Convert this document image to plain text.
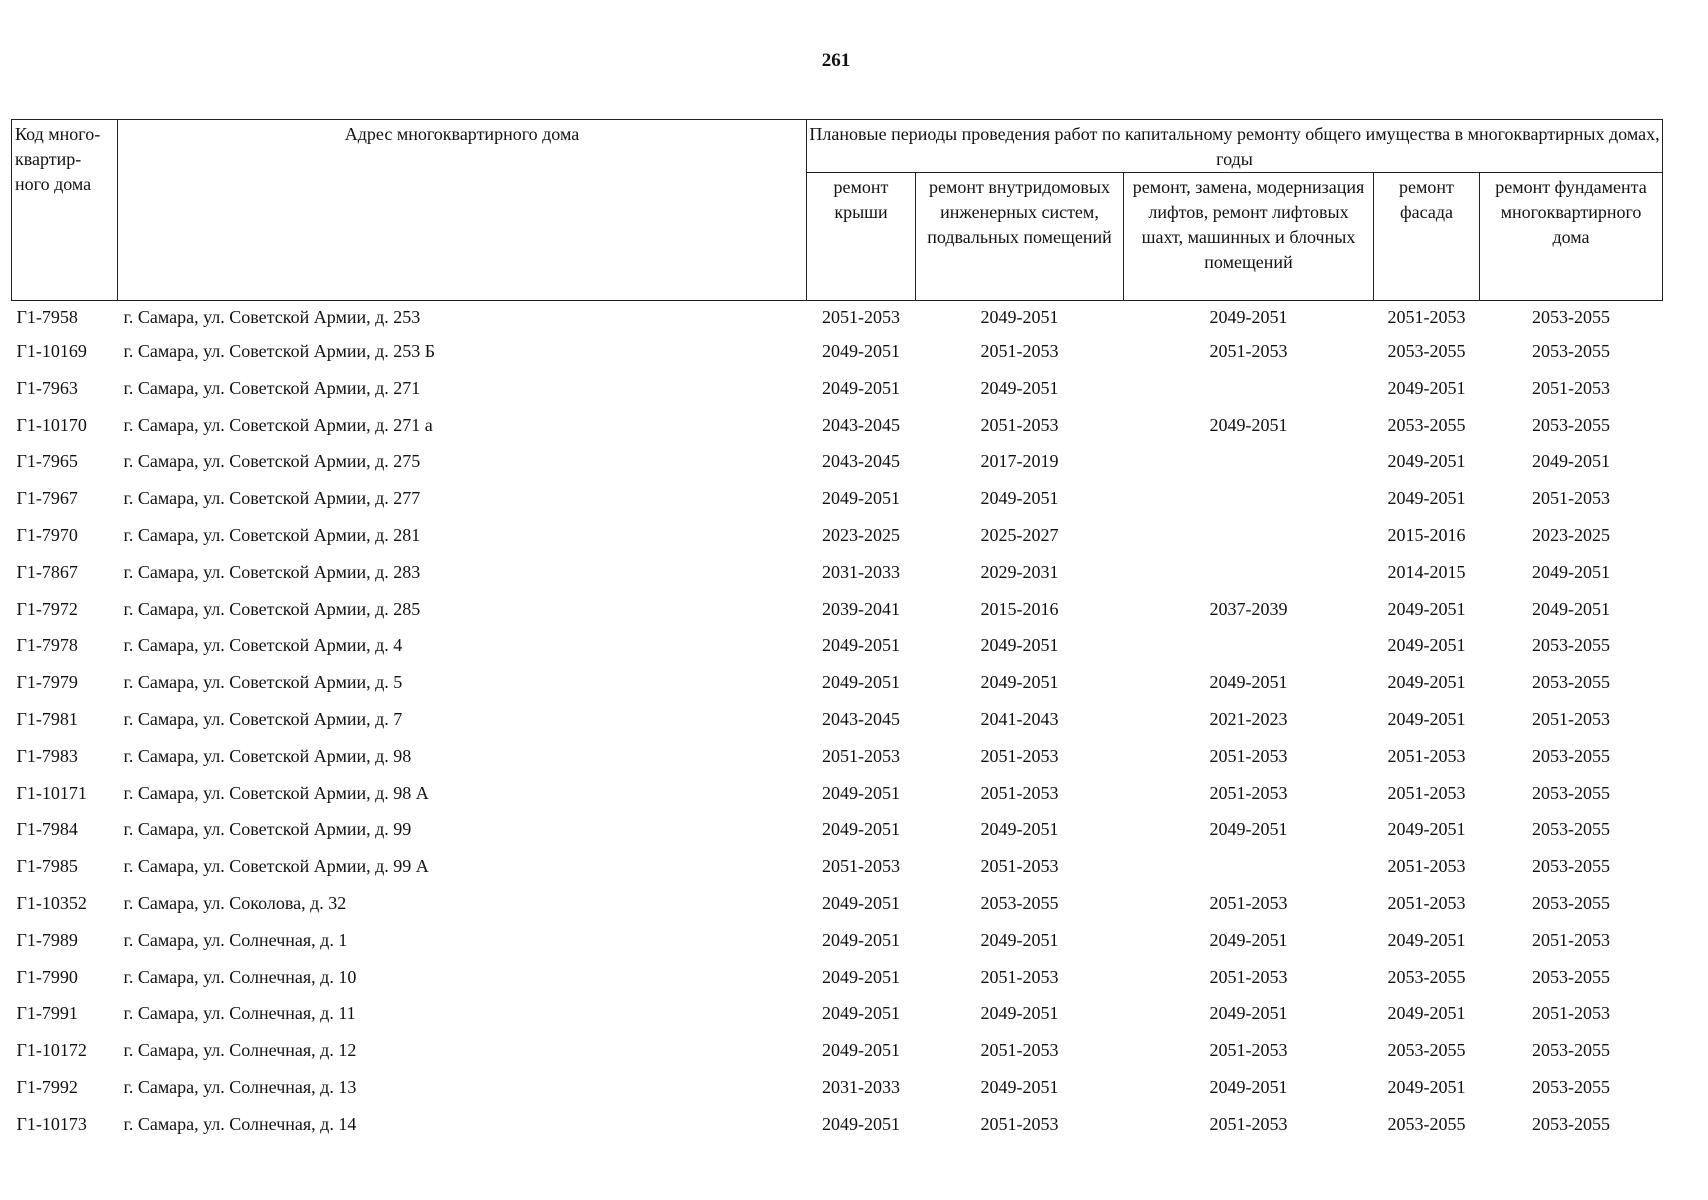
261
Код много-квартир-ного дома	Адрес многоквартирного дома	Плановые периоды проведения работ по капитальному ремонту общего имущества в многоквартирных домах, годы				
		ремонт крыши	ремонт внутридомовых инженерных систем, подвальных помещений	ремонт, замена, модернизация лифтов, ремонт лифтовых шахт, машинных и блочных помещений	ремонт фасада	ремонт фундамента многоквартирного дома
Г1-7958	г. Самара, ул. Советской Армии, д. 253	2051-2053	2049-2051	2049-2051	2051-2053	2053-2055
Г1-10169	г. Самара, ул. Советской Армии, д. 253 Б	2049-2051	2051-2053	2051-2053	2053-2055	2053-2055
Г1-7963	г. Самара, ул. Советской Армии, д. 271	2049-2051	2049-2051		2049-2051	2051-2053
Г1-10170	г. Самара, ул. Советской Армии, д. 271 а	2043-2045	2051-2053	2049-2051	2053-2055	2053-2055
Г1-7965	г. Самара, ул. Советской Армии, д. 275	2043-2045	2017-2019		2049-2051	2049-2051
Г1-7967	г. Самара, ул. Советской Армии, д. 277	2049-2051	2049-2051		2049-2051	2051-2053
Г1-7970	г. Самара, ул. Советской Армии, д. 281	2023-2025	2025-2027		2015-2016	2023-2025
Г1-7867	г. Самара, ул. Советской Армии, д. 283	2031-2033	2029-2031		2014-2015	2049-2051
Г1-7972	г. Самара, ул. Советской Армии, д. 285	2039-2041	2015-2016	2037-2039	2049-2051	2049-2051
Г1-7978	г. Самара, ул. Советской Армии, д. 4	2049-2051	2049-2051		2049-2051	2053-2055
Г1-7979	г. Самара, ул. Советской Армии, д. 5	2049-2051	2049-2051	2049-2051	2049-2051	2053-2055
Г1-7981	г. Самара, ул. Советской Армии, д. 7	2043-2045	2041-2043	2021-2023	2049-2051	2051-2053
Г1-7983	г. Самара, ул. Советской Армии, д. 98	2051-2053	2051-2053	2051-2053	2051-2053	2053-2055
Г1-10171	г. Самара, ул. Советской Армии, д. 98 А	2049-2051	2051-2053	2051-2053	2051-2053	2053-2055
Г1-7984	г. Самара, ул. Советской Армии, д. 99	2049-2051	2049-2051	2049-2051	2049-2051	2053-2055
Г1-7985	г. Самара, ул. Советской Армии, д. 99 А	2051-2053	2051-2053		2051-2053	2053-2055
Г1-10352	г. Самара, ул. Соколова, д. 32	2049-2051	2053-2055	2051-2053	2051-2053	2053-2055
Г1-7989	г. Самара, ул. Солнечная, д. 1	2049-2051	2049-2051	2049-2051	2049-2051	2051-2053
Г1-7990	г. Самара, ул. Солнечная, д. 10	2049-2051	2051-2053	2051-2053	2053-2055	2053-2055
Г1-7991	г. Самара, ул. Солнечная, д. 11	2049-2051	2049-2051	2049-2051	2049-2051	2051-2053
Г1-10172	г. Самара, ул. Солнечная, д. 12	2049-2051	2051-2053	2051-2053	2053-2055	2053-2055
Г1-7992	г. Самара, ул. Солнечная, д. 13	2031-2033	2049-2051	2049-2051	2049-2051	2053-2055
Г1-10173	г. Самара, ул. Солнечная, д. 14	2049-2051	2051-2053	2051-2053	2053-2055	2053-2055
